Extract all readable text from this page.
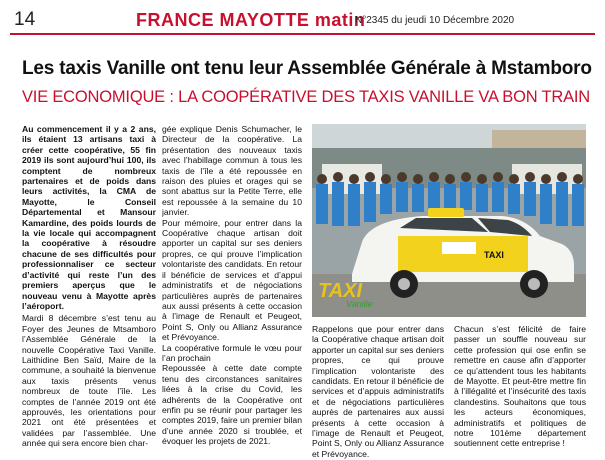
14	FRANCE MAYOTTE matin
N°2345 du jeudi 10 Décembre 2020
Les taxis Vanille ont tenu leur Assemblée Générale à Mstamboro
VIE ECONOMIQUE : LA COOPÉRATIVE DES TAXIS VANILLE VA BON TRAIN

Au commencement il y a 2 ans, ils étaient 13 artisans taxi à créer cette coopérative, 55 fin 2019 ils sont aujourd’hui 100, ils comptent de nombreux partenaires et de poids dans leurs activités, la CMA de Mayotte, le Conseil Départemental et Mansour Kamardine, des poids lourds de la vie locale qui accompagnent la coopérative à résoudre chacune de ses difficultés pour professionnaliser ce secteur d’activité qui reste l’un des premiers aperçus que le nouveau venu à Mayotte après l’aéroport.

Mardi 8 décembre s’est tenu au Foyer des Jeunes de Mtsamboro l’Assemblée Générale de la nouvelle Coopérative Taxi Vanille. Laithidine Ben Saïd, Maire de la commune, a souhaité la bienvenue aux taxis présents venus nombreux de toute l’île. Les comptes de l’année 2019 ont été approuvés, les orientations pour 2021 ont été présentées et validées par l’assemblée. Une année qui sera encore bien char-

gée explique Denis Schumacher, le Directeur de la coopérative. La présentation des nouveaux taxis avec l’habillage commun à tous les taxis de l’île a été repoussée en raison des pluies et orages qui se sont abattus sur la Petite Terre, elle est repoussée à la semaine du 10 janvier.

Pour mémoire, pour entrer dans la Coopérative chaque artisan doit apporter un capital sur ses deniers propres, ce qui prouve l’implication volontariste des candidats. En retour il bénéficie de services et d’appui administratifs et de négociations particulières auprès de partenaires aux aussi présents à cette occasion à l’image de Renault et Peugeot, Point S, Only ou Allianz Assurance et Prévoyance.

La coopérative formule le vœu pour l’an prochain

Repoussée à cette date compte tenu des circonstances sanitaires liées à la crise du Covid, les adhérents de la Coopérative ont enfin pu se réunir pour partager les comptes 2019, faire un premier bilan d’une année 2020 si troublée, et évoquer les projets de 2021.

TAXI
Vanille
TAXI

Rappelons que pour entrer dans la Coopérative chaque artisan doit apporter un capital sur ses deniers propres, ce qui prouve l’implication volontariste des candidats. En retour il bénéficie de services et d’appuis administratifs et de négociations particulières auprès de partenaires aux aussi présents à cette occasion à l’image de Renault et Peugeot, Point S, Only ou Allianz Assurance et Prévoyance.

Chacun s’est félicité de faire passer un souffle nouveau sur cette profession qui ose enfin se remettre en cause afin d’apporter ce qu’attendent tous les habitants de Mayotte. Et peut-être mettre fin à l’illégalité et l’insécurité des taxis clandestins. Souhaitons que tous les acteurs économiques, administratifs et politiques de notre 101ème département soutiennent cette entreprise !
